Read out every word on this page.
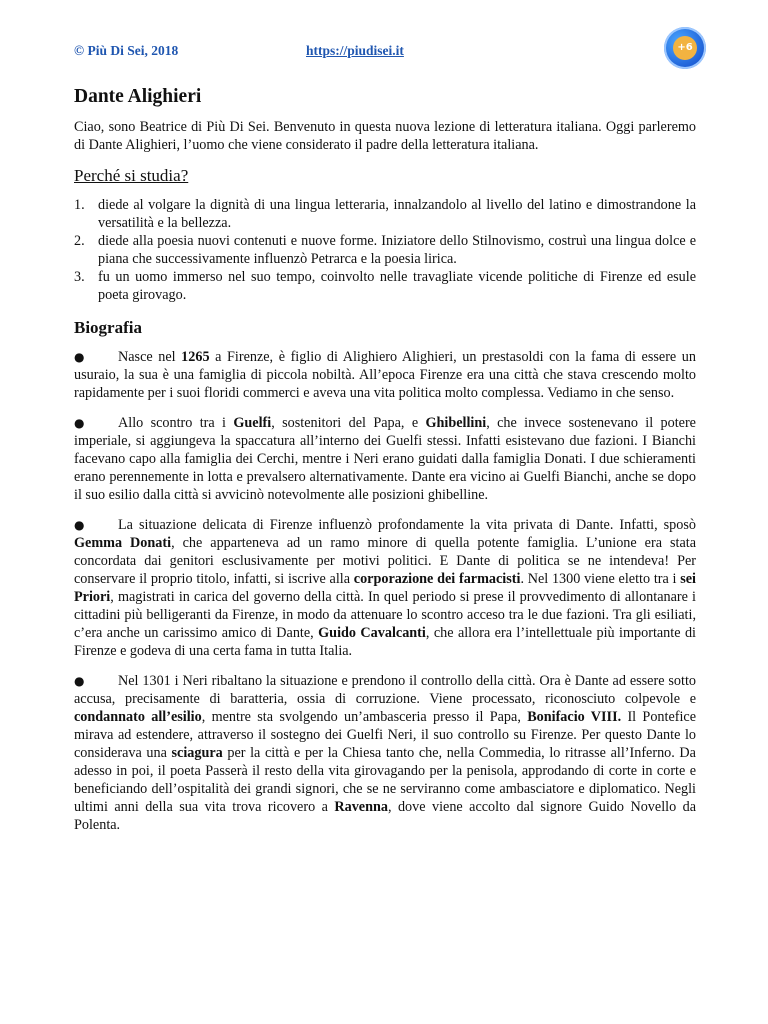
© Più Di Sei, 2018	https://piudisei.it	+6
Dante Alighieri

Ciao, sono Beatrice di Più Di Sei. Benvenuto in questa nuova lezione di letteratura italiana. Oggi parleremo di Dante Alighieri, l’uomo che viene considerato il padre della letteratura italiana.

Perché si studia?
1. diede al volgare la dignità di una lingua letteraria, innalzandolo al livello del latino e dimostrandone la versatilità e la bellezza.
2. diede alla poesia nuovi contenuti e nuove forme. Iniziatore dello Stilnovismo, costruì una lingua dolce e piana che successivamente influenzò Petrarca e la poesia lirica.
3. fu un uomo immerso nel suo tempo, coinvolto nelle travagliate vicende politiche di Firenze ed esule poeta girovago.
Biografia

● Nasce nel 1265 a Firenze, è figlio di Alighiero Alighieri, un prestasoldi con la fama di essere un usuraio, la sua è una famiglia di piccola nobiltà. All’epoca Firenze era una città che stava crescendo molto rapidamente per i suoi floridi commerci e aveva una vita politica molto complessa. Vediamo in che senso.

● Allo scontro tra i Guelfi, sostenitori del Papa, e Ghibellini, che invece sostenevano il potere imperiale, si aggiungeva la spaccatura all’interno dei Guelfi stessi. Infatti esistevano due fazioni. I Bianchi facevano capo alla famiglia dei Cerchi, mentre i Neri erano guidati dalla famiglia Donati. I due schieramenti erano perennemente in lotta e prevalsero alternativamente. Dante era vicino ai Guelfi Bianchi, anche se dopo il suo esilio dalla città si avvicinò notevolmente alle posizioni ghibelline.

● La situazione delicata di Firenze influenzò profondamente la vita privata di Dante. Infatti, sposò Gemma Donati, che apparteneva ad un ramo minore di quella potente famiglia. L’unione era stata concordata dai genitori esclusivamente per motivi politici. E Dante di politica se ne intendeva! Per conservare il proprio titolo, infatti, si iscrive alla corporazione dei farmacisti. Nel 1300 viene eletto tra i sei Priori, magistrati in carica del governo della città. In quel periodo si prese il provvedimento di allontanare i cittadini più belligeranti da Firenze, in modo da attenuare lo scontro acceso tra le due fazioni. Tra gli esiliati, c’era anche un carissimo amico di Dante, Guido Cavalcanti, che allora era l’intellettuale più importante di Firenze e godeva di una certa fama in tutta Italia.

● Nel 1301 i Neri ribaltano la situazione e prendono il controllo della città. Ora è Dante ad essere sotto accusa, precisamente di baratteria, ossia di corruzione. Viene processato, riconosciuto colpevole e condannato all’esilio, mentre sta svolgendo un’ambasceria presso il Papa, Bonifacio VIII. Il Pontefice mirava ad estendere, attraverso il sostegno dei Guelfi Neri, il suo controllo su Firenze. Per questo Dante lo considerava una sciagura per la città e per la Chiesa tanto che, nella Commedia, lo ritrasse all’Inferno. Da adesso in poi, il poeta Passerà il resto della vita girovagando per la penisola, approdando di corte in corte e beneficiando dell’ospitalità dei grandi signori, che se ne serviranno come ambasciatore e diplomatico. Negli ultimi anni della sua vita trova ricovero a Ravenna, dove viene accolto dal signore Guido Novello da Polenta.
